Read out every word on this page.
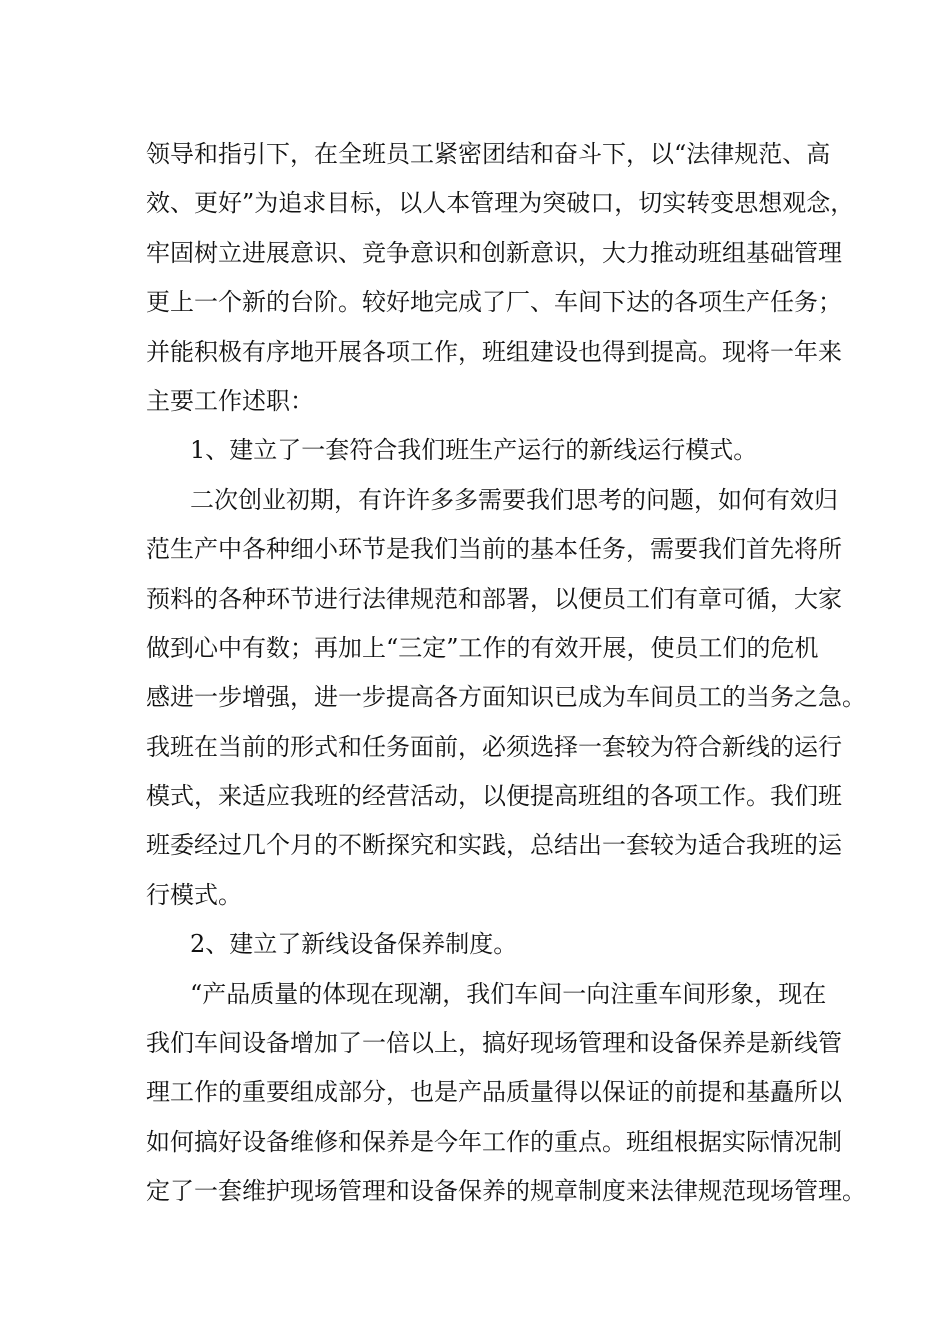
领导和指引下，在全班员工紧密团结和奋斗下，以“法律规范、高
效、更好”为追求目标，以人本管理为突破口，切实转变思想观念，
牢固树立进展意识、竞争意识和创新意识，大力推动班组基础管理
更上一个新的台阶。较好地完成了厂、车间下达的各项生产任务；
并能积极有序地开展各项工作，班组建设也得到提高。现将一年来
主要工作述职：
1、建立了一套符合我们班生产运行的新线运行模式。
二次创业初期，有许许多多需要我们思考的问题，如何有效归
范生产中各种细小环节是我们当前的基本任务，需要我们首先将所
预料的各种环节进行法律规范和部署，以便员工们有章可循，大家
做到心中有数；再加上“三定”工作的有效开展，使员工们的危机
感进一步增强，进一步提高各方面知识已成为车间员工的当务之急。
我班在当前的形式和任务面前，必须选择一套较为符合新线的运行
模式，来适应我班的经营活动，以便提高班组的各项工作。我们班
班委经过几个月的不断探究和实践，总结出一套较为适合我班的运
行模式。
2、建立了新线设备保养制度。
“产品质量的体现在现潮，我们车间一向注重车间形象，现在
我们车间设备增加了一倍以上，搞好现场管理和设备保养是新线管
理工作的重要组成部分，也是产品质量得以保证的前提和基矗所以
如何搞好设备维修和保养是今年工作的重点。班组根据实际情况制
定了一套维护现场管理和设备保养的规章制度来法律规范现场管理。
